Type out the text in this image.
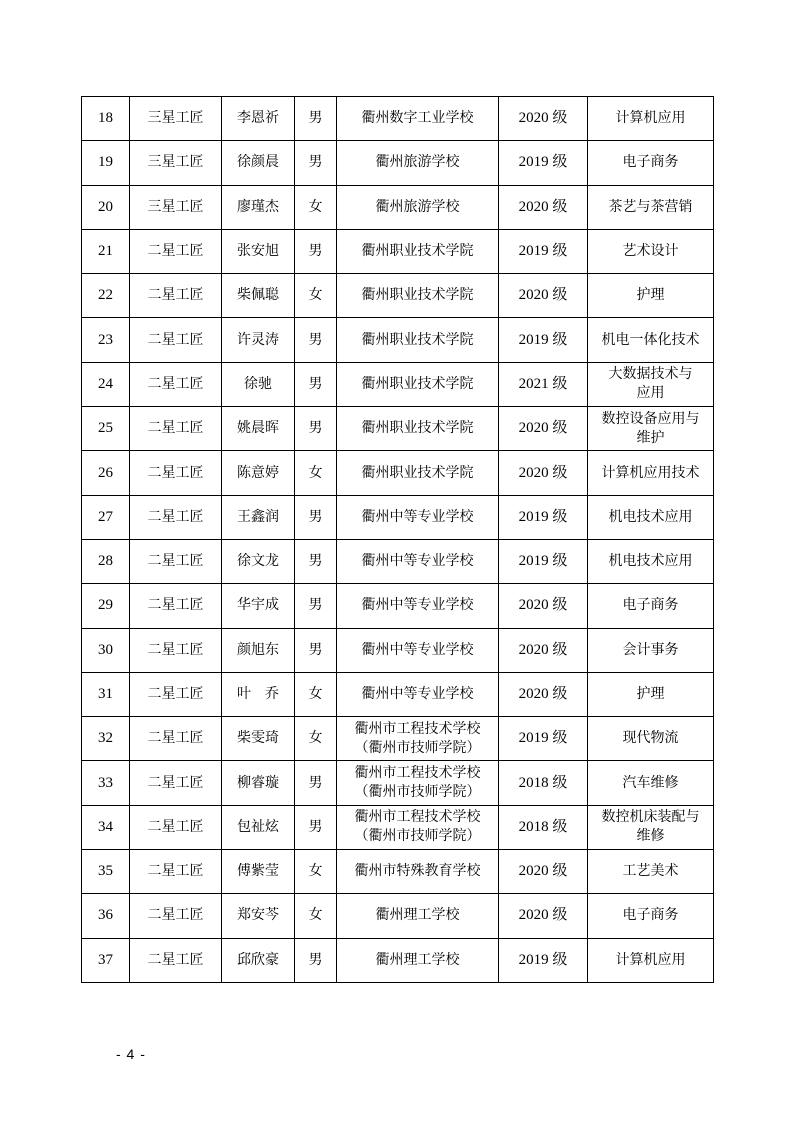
18	三星工匠	李恩祈	男	衢州数字工业学校	2020 级	计算机应用

19	三星工匠	徐颜晨	男	衢州旅游学校	2019 级	电子商务

20	三星工匠	廖瑾杰	女	衢州旅游学校	2020 级	茶艺与茶营销

21	二星工匠	张安旭	男	衢州职业技术学院	2019 级	艺术设计

22	二星工匠	柴佩聪	女	衢州职业技术学院	2020 级	护理

23	二星工匠	许灵涛	男	衢州职业技术学院	2019 级	机电一体化技术

24	二星工匠	徐驰	男	衢州职业技术学院	2021 级	大数据技术与
应用

25	二星工匠	姚晨晖	男	衢州职业技术学院	2020 级	数控设备应用与
维护

26	二星工匠	陈意婷	女	衢州职业技术学院	2020 级	计算机应用技术

27	二星工匠	王鑫润	男	衢州中等专业学校	2019 级	机电技术应用

28	二星工匠	徐文龙	男	衢州中等专业学校	2019 级	机电技术应用

29	二星工匠	华宇成	男	衢州中等专业学校	2020 级	电子商务

30	二星工匠	颜旭东	男	衢州中等专业学校	2020 级	会计事务

31	二星工匠	叶　乔	女	衢州中等专业学校	2020 级	护理

32	二星工匠	柴雯琦	女	衢州市工程技术学校
（衢州市技师学院）	2019 级	现代物流

33	二星工匠	柳睿璇	男	衢州市工程技术学校
（衢州市技师学院）	2018 级	汽车维修

34	二星工匠	包祉炫	男	衢州市工程技术学校
（衢州市技师学院）	2018 级	数控机床装配与
维修

35	二星工匠	傅紫莹	女	衢州市特殊教育学校	2020 级	工艺美术

36	二星工匠	郑安芩	女	衢州理工学校	2020 级	电子商务

37	二星工匠	邱欣豪	男	衢州理工学校	2019 级	计算机应用
- 4 -
